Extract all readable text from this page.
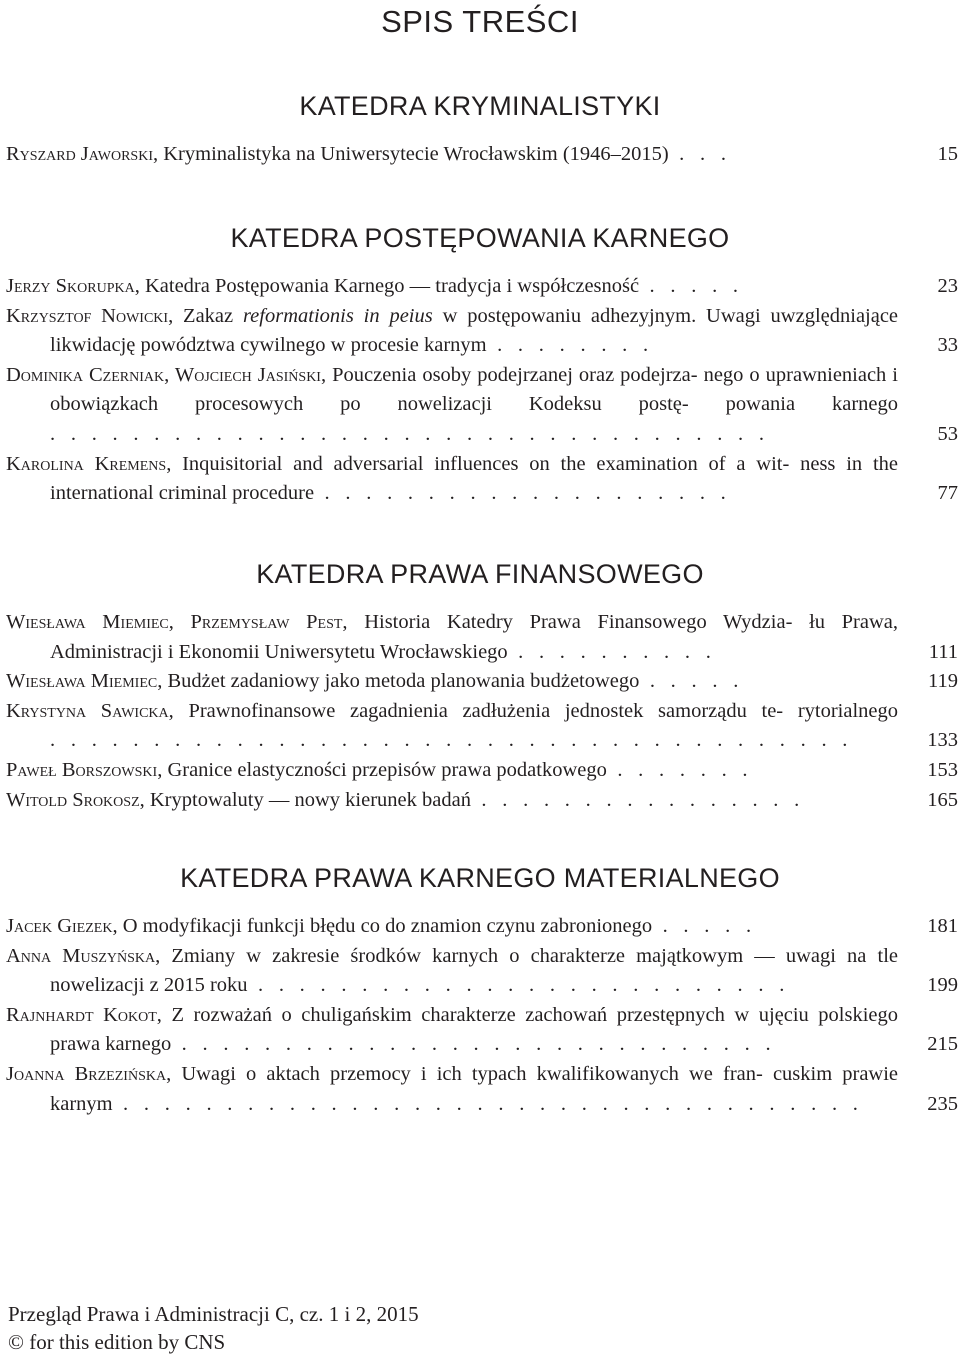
SPIS TREŚCI
KATEDRA KRYMINALISTYKI
Ryszard Jaworski, Kryminalistyka na Uniwersytecie Wrocławskim (1946–2015) . . .	15
KATEDRA POSTĘPOWANIA KARNEGO
Jerzy Skorupka, Katedra Postępowania Karnego — tradycja i współczesność . . . . .	23
Krzysztof Nowicki, Zakaz reformationis in peius w postępowaniu adhezyjnym. Uwagi uwzględniające likwidację powództwa cywilnego w procesie karnym . . . . . . . .	33
Dominika Czerniak, Wojciech Jasiński, Pouczenia osoby podejrzanej oraz podejrza- nego o uprawnieniach i obowiązkach procesowych po nowelizacji Kodeksu postę- powania karnego . . . . . . . . . . . . . . . . . . . . . . . . . . . . . . . . . . .	53
Karolina Kremens, Inquisitorial and adversarial influences on the examination of a wit- ness in the international criminal procedure . . . . . . . . . . . . . . . . . . . .	77
KATEDRA PRAWA FINANSOWEGO
Wiesława Miemiec, Przemysław Pest, Historia Katedry Prawa Finansowego Wydzia- łu Prawa, Administracji i Ekonomii Uniwersytetu Wrocławskiego . . . . . . . . . .	111
Wiesława Miemiec, Budżet zadaniowy jako metoda planowania budżetowego . . . . .	119
Krystyna Sawicka, Prawnofinansowe zagadnienia zadłużenia jednostek samorządu te- rytorialnego . . . . . . . . . . . . . . . . . . . . . . . . . . . . . . . . . . . . . . .	133
Paweł Borszowski, Granice elastyczności przepisów prawa podatkowego . . . . . . .	153
Witold Srokosz, Kryptowaluty — nowy kierunek badań . . . . . . . . . . . . . . . .	165
KATEDRA PRAWA KARNEGO MATERIALNEGO
Jacek Giezek, O modyfikacji funkcji błędu co do znamion czynu zabronionego . . . . .	181
Anna Muszyńska, Zmiany w zakresie środków karnych o charakterze majątkowym — uwagi na tle nowelizacji z 2015 roku . . . . . . . . . . . . . . . . . . . . . . . . . .	199
Rajnhardt Kokot, Z rozważań o chuligańskim charakterze zachowań przestępnych w ujęciu polskiego prawa karnego . . . . . . . . . . . . . . . . . . . . . . . . . . . . .	215
Joanna Brzezińska, Uwagi o aktach przemocy i ich typach kwalifikowanych we fran- cuskim prawie karnym . . . . . . . . . . . . . . . . . . . . . . . . . . . . . . . . . . . .	235
Przegląd Prawa i Administracji C, cz. 1 i 2, 2015
© for this edition by CNS
